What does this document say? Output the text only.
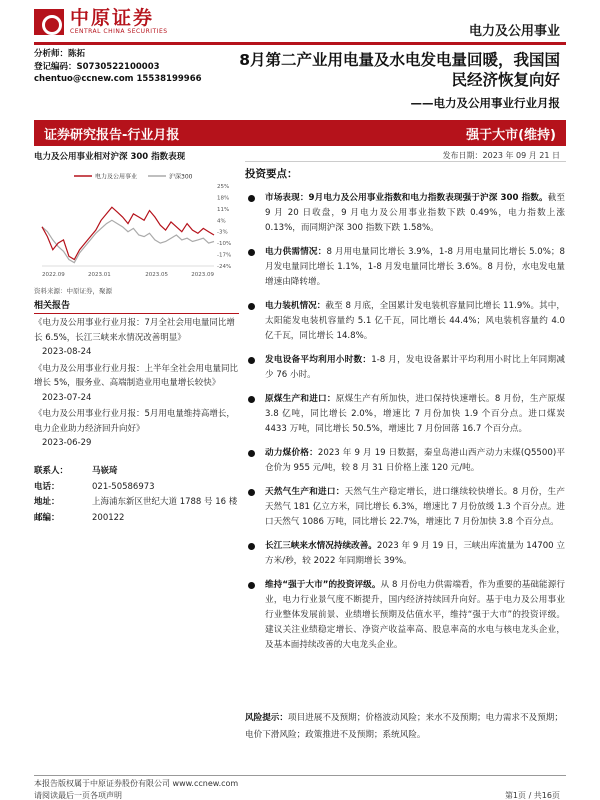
中原证券
CENTRAL CHINA SECURITIES	电力及公用事业
分析师：陈拓
登记编码：S0730522100003
chentuo@ccnew.com 15538199966
8月第二产业用电量及水电发电量回暖，我国国民经济恢复向好
——电力及公用事业行业月报
证券研究报告-行业月报	强于大市(维持)
电力及公用事业相对沪深 300 指数表现
电力及公用事业	沪深300
25%
18%
11%
4%
-3%
-10%
-17%
-24%
2022.09	2023.01	2023.05	2023.09
资料来源：中原证券，聚源
相关报告
《电力及公用事业行业月报：7月全社会用电量同比增长 6.5%，长江三峡来水情况改善明显》
2023-08-24
《电力及公用事业行业月报：上半年全社会用电量同比增长 5%，服务业、高端制造业用电量增长较快》
2023-07-24
《电力及公用事业行业月报：5月用电量维持高增长，电力企业助力经济回升向好》
2023-06-29
联系人：	马嵚琦
电话：	021-50586973
地址：	上海浦东新区世纪大道 1788 号 16 楼
邮编：	200122
发布日期：2023 年 09 月 21 日
投资要点：
市场表现：9月电力及公用事业指数和电力指数表现强于沪深 300 指数。截至 9 月 20 日收盘，9 月电力及公用事业指数下跌 0.49%，电力指数上涨 0.13%，而同期沪深 300 指数下跌 1.58%。
电力供需情况：8 月用电量同比增长 3.9%，1-8 月用电量同比增长 5.0%；8 月发电量同比增长 1.1%，1-8 月发电量同比增长 3.6%。8 月份，水电发电量增速由降转增。
电力装机情况：截至 8 月底，全国累计发电装机容量同比增长 11.9%。其中，太阳能发电装机容量约 5.1 亿千瓦，同比增长 44.4%；风电装机容量约 4.0 亿千瓦，同比增长 14.8%。
发电设备平均利用小时数：1-8 月，发电设备累计平均利用小时比上年同期减少 76 小时。
原煤生产和进口：原煤生产有所加快，进口保持快速增长。8 月份，生产原煤 3.8 亿吨，同比增长 2.0%，增速比 7 月份加快 1.9 个百分点。进口煤炭 4433 万吨，同比增长 50.5%，增速比 7 月份回落 16.7 个百分点。
动力煤价格：2023 年 9 月 19 日数据，秦皇岛港山西产动力末煤(Q5500)平仓价为 955 元/吨，较 8 月 31 日价格上涨 120 元/吨。
天然气生产和进口：天然气生产稳定增长，进口继续较快增长。8 月份，生产天然气 181 亿立方米，同比增长 6.3%，增速比 7 月份放缓 1.3 个百分点。进口天然气 1086 万吨，同比增长 22.7%，增速比 7 月份加快 3.8 个百分点。
长江三峡来水情况持续改善。2023 年 9 月 19 日，三峡出库流量为 14700 立方米/秒，较 2022 年同期增长 39%。
维持“强于大市”的投资评级。从 8 月份电力供需端看，作为重要的基础能源行业，电力行业景气度不断提升，国内经济持续回升向好。基于电力及公用事业行业整体发展前景、业绩增长预期及估值水平，维持“强于大市”的投资评级。建议关注业绩稳定增长、净资产收益率高、股息率高的水电与核电龙头企业，及基本面持续改善的大电龙头企业。
风险提示：项目进展不及预期；价格波动风险；来水不及预期；电力需求不及预期；电价下滑风险；政策推进不及预期；系统风险。
本报告版权属于中原证券股份有限公司 www.ccnew.com
请阅读最后一页各项声明	第1页 / 共16页
